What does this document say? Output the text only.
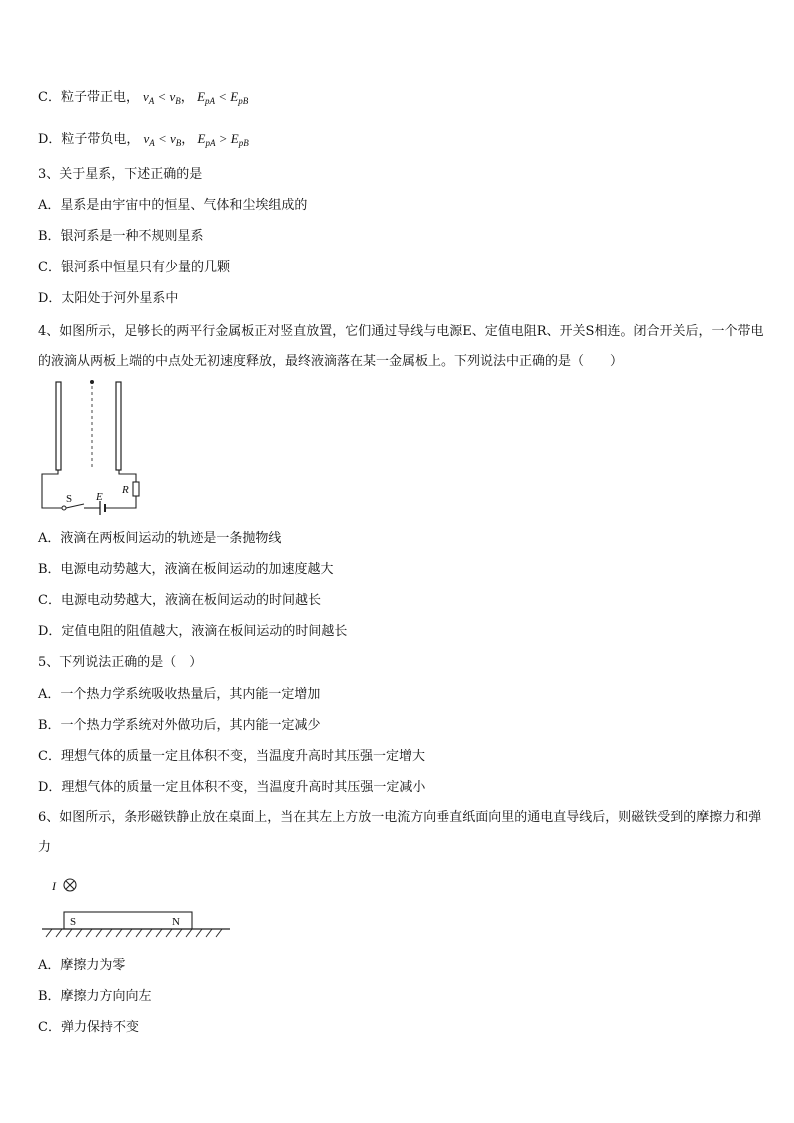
C．粒子带正电， $v_A < v_B$， $E_{pA} < E_{pB}$
D．粒子带负电， $v_A < v_B$， $E_{pA} > E_{pB}$
3、关于星系，下述正确的是
A．星系是由宇宙中的恒星、气体和尘埃组成的
B．银河系是一种不规则星系
C．银河系中恒星只有少量的几颗
D．太阳处于河外星系中
4、如图所示，足够长的两平行金属板正对竖直放置，它们通过导线与电源E、定值电阻R、开关S相连。闭合开关后，一个带电的液滴从两板上端的中点处无初速度释放，最终液滴落在某一金属板上。下列说法中正确的是（　　）
S E
R
A．液滴在两板间运动的轨迹是一条抛物线
B．电源电动势越大，液滴在板间运动的加速度越大
C．电源电动势越大，液滴在板间运动的时间越长
D．定值电阻的阻值越大，液滴在板间运动的时间越长
5、下列说法正确的是（　）
A．一个热力学系统吸收热量后，其内能一定增加
B．一个热力学系统对外做功后，其内能一定减少
C．理想气体的质量一定且体积不变，当温度升高时其压强一定增大
D．理想气体的质量一定且体积不变，当温度升高时其压强一定减小
6、如图所示，条形磁铁静止放在桌面上，当在其左上方放一电流方向垂直纸面向里的通电直导线后，则磁铁受到的摩擦力和弹力
I
S	N
A．摩擦力为零
B．摩擦力方向向左
C．弹力保持不变
